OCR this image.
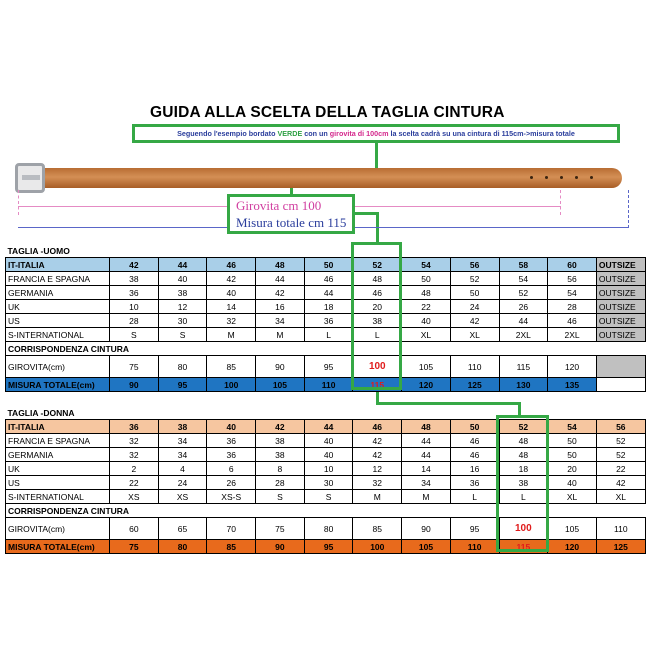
GUIDA ALLA SCELTA DELLA TAGLIA CINTURA
Seguendo l'esempio bordato VERDE con un girovita di 100cm la scelta cadrà su una cintura di 115cm->misura totale
Girovita cm 100
Misura totale cm 115
TAGLIA -UOMO											
IT-ITALIA	42	44	46	48	50	52	54	56	58	60	OUTSIZE
FRANCIA E SPAGNA	38	40	42	44	46	48	50	52	54	56	OUTSIZE
GERMANIA	36	38	40	42	44	46	48	50	52	54	OUTSIZE
UK	10	12	14	16	18	20	22	24	26	28	OUTSIZE
US	28	30	32	34	36	38	40	42	44	46	OUTSIZE
S-INTERNATIONAL	S	S	M	M	L	L	XL	XL	2XL	2XL	OUTSIZE
CORRISPONDENZA CINTURA											
GIROVITA(cm)	75	80	85	90	95	100	105	110	115	120	
MISURA TOTALE(cm)	90	95	100	105	110	115	120	125	130	135	
TAGLIA -DONNA											
IT-ITALIA	36	38	40	42	44	46	48	50	52	54	56
FRANCIA E SPAGNA	32	34	36	38	40	42	44	46	48	50	52
GERMANIA	32	34	36	38	40	42	44	46	48	50	52
UK	2	4	6	8	10	12	14	16	18	20	22
US	22	24	26	28	30	32	34	36	38	40	42
S-INTERNATIONAL	XS	XS	XS-S	S	S	M	M	L	L	XL	XL
CORRISPONDENZA CINTURA											
GIROVITA(cm)	60	65	70	75	80	85	90	95	100	105	110
MISURA TOTALE(cm)	75	80	85	90	95	100	105	110	115	120	125
